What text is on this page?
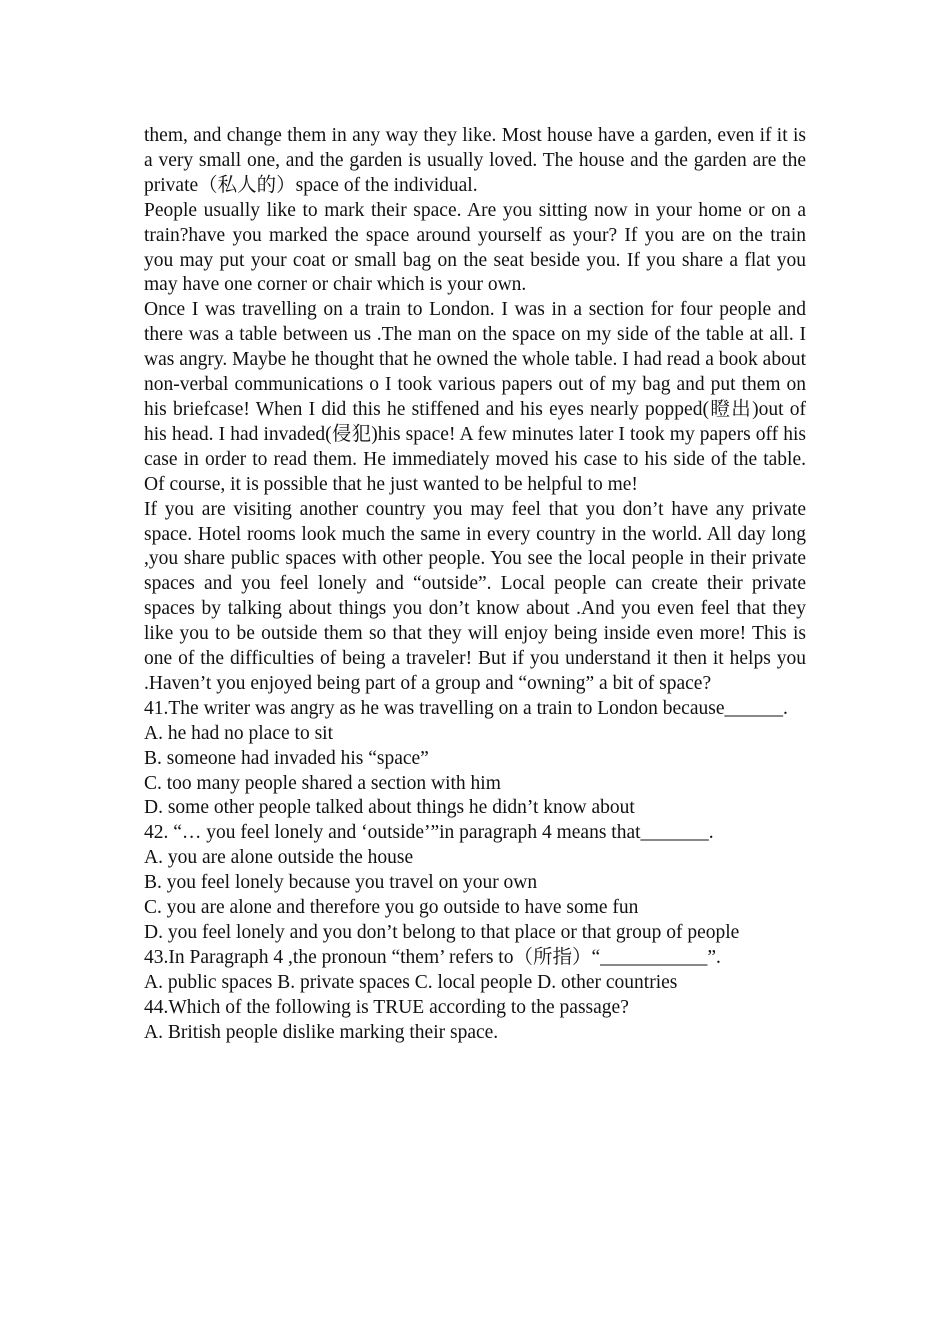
them, and change them in any way they like. Most house have a garden, even if it is a very small one, and the garden is usually loved. The house and the garden are the private（私人的）space of the individual.

People usually like to mark their space. Are you sitting now in your home or on a train?have you marked the space around yourself as your? If you are on the train you may put your coat or small bag on the seat beside you. If you share a flat you may have one corner or chair which is your own.

Once I was travelling on a train to London. I was in a section for four people and there was a table between us .The man on the space on my side of the table at all. I was angry. Maybe he thought that he owned the whole table. I had read a book about non-verbal communications o I took various papers out of my bag and put them on his briefcase! When I did this he stiffened and his eyes nearly popped(瞪出)out of his head. I had invaded(侵犯)his space! A few minutes later I took my papers off his case in order to read them. He immediately moved his case to his side of the table. Of course, it is possible that he just wanted to be helpful to me!

If you are visiting another country you may feel that you don’t have any private space. Hotel rooms look much the same in every country in the world. All day long ,you share public spaces with other people. You see the local people in their private spaces and you feel lonely and “outside”. Local people can create their private spaces by talking about things you don’t know about .And you even feel that they like you to be outside them so that they will enjoy being inside even more! This is one of the difficulties of being a traveler! But if you understand it then it helps you .Haven’t you enjoyed being part of a group and “owning” a bit of space?

41.The writer was angry as he was travelling on a train to London because______.

A. he had no place to sit

B. someone had invaded his “space”

C. too many people shared a section with him

D. some other people talked about things he didn’t know about

42. “… you feel lonely and ‘outside’”in paragraph 4 means that_______.

A. you are alone outside the house

B. you feel lonely because you travel on your own

C. you are alone and therefore you go outside to have some fun

D. you feel lonely and you don’t belong to that place or that group of people

43.In Paragraph 4 ,the pronoun “them’ refers to（所指）“___________”.

A. public spaces B. private spaces C. local people D. other countries

44.Which of the following is TRUE according to the passage?

A. British people dislike marking their space.
